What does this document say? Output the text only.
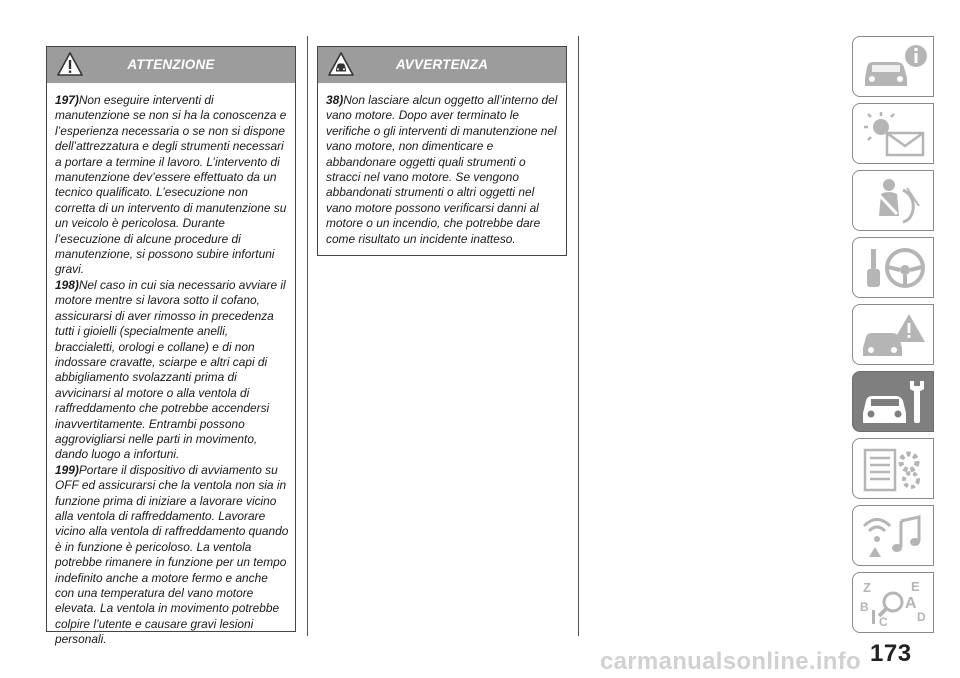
ATTENZIONE

197)Non eseguire interventi di manutenzione se non si ha la conoscenza e l’esperienza necessaria o se non si dispone dell’attrezzatura e degli strumenti necessari a portare a termine il lavoro. L’intervento di manutenzione dev’essere effettuato da un tecnico qualificato. L’esecuzione non corretta di un intervento di manutenzione su un veicolo è pericolosa. Durante l’esecuzione di alcune procedure di manutenzione, si possono subire infortuni gravi.

198)Nel caso in cui sia necessario avviare il motore mentre si lavora sotto il cofano, assicurarsi di aver rimosso in precedenza tutti i gioielli (specialmente anelli, braccialetti, orologi e collane) e di non indossare cravatte, sciarpe e altri capi di abbigliamento svolazzanti prima di avvicinarsi al motore o alla ventola di raffreddamento che potrebbe accendersi inavvertitamente. Entrambi possono aggrovigliarsi nelle parti in movimento, dando luogo a infortuni.

199)Portare il dispositivo di avviamento su OFF ed assicurarsi che la ventola non sia in funzione prima di iniziare a lavorare vicino alla ventola di raffreddamento. Lavorare vicino alla ventola di raffreddamento quando è in funzione è pericoloso. La ventola potrebbe rimanere in funzione per un tempo indefinito anche a motore fermo e anche con una temperatura del vano motore elevata. La ventola in movimento potrebbe colpire l’utente e causare gravi lesioni personali.

AVVERTENZA

38)Non lasciare alcun oggetto all’interno del vano motore. Dopo aver terminato le verifiche o gli interventi di manutenzione nel vano motore, non dimenticare e abbandonare oggetti quali strumenti o stracci nel vano motore. Se vengono abbandonati strumenti o altri oggetti nel vano motore possono verificarsi danni al motore o un incendio, che potrebbe dare come risultato un incidente inatteso.

Z	E
A
B
C D
carmanualsonline.info 173
